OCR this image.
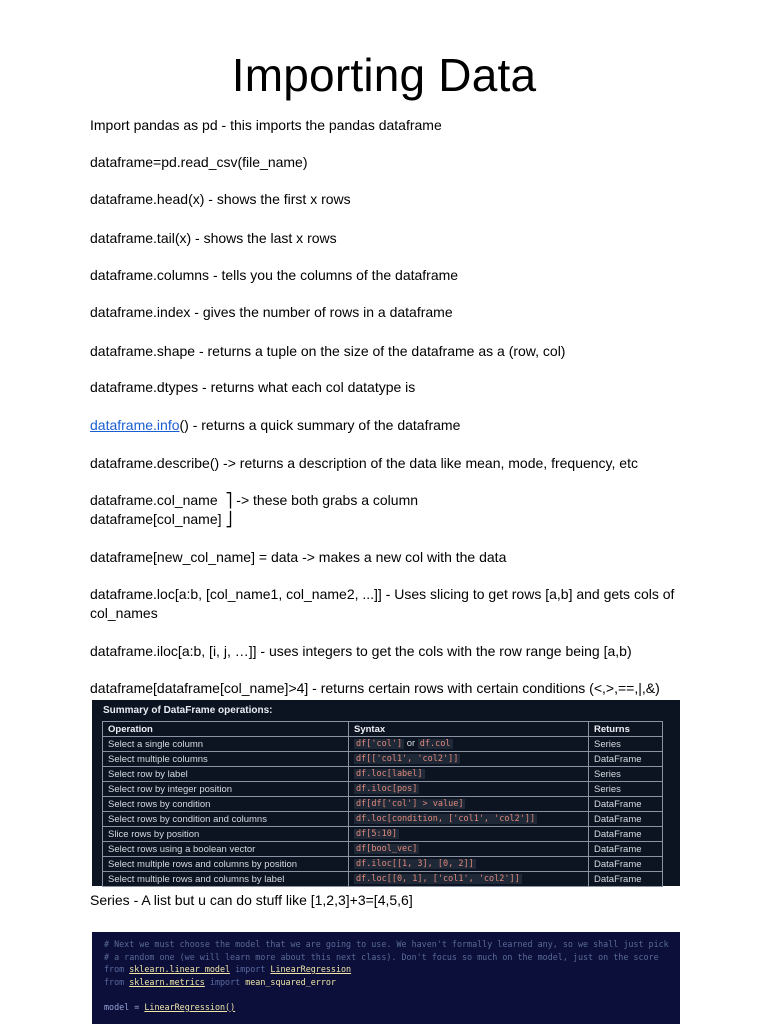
Importing Data
Import pandas as pd - this imports the pandas dataframe
dataframe=pd.read_csv(file_name)
dataframe.head(x) - shows the first x rows
dataframe.tail(x) - shows the last x rows
dataframe.columns - tells you the columns of the dataframe
dataframe.index - gives the number of rows in a dataframe
dataframe.shape - returns a tuple on the size of the dataframe as a (row, col)
dataframe.dtypes - returns what each col datatype is
dataframe.info() - returns a quick summary of the dataframe
dataframe.describe() -> returns a description of the data like mean, mode, frequency, etc
dataframe.col_name  ⎤ -> these both grabs a column
dataframe[col_name] ⎦
dataframe[new_col_name] = data -> makes a new col with the data
dataframe.loc[a:b, [col_name1, col_name2, ...]] - Uses slicing to get rows [a,b] and gets cols of col_names
dataframe.iloc[a:b, [i, j, …]] - uses integers to get the cols with the row range being [a,b)
dataframe[dataframe[col_name]>4] - returns certain rows with certain conditions (<,>,==,|,&)
Summary of DataFrame operations:
Operation	Syntax	Returns
Select a single column	df['col'] or df.col	Series
Select multiple columns	df[['col1', 'col2']]	DataFrame
Select row by label	df.loc[label]	Series
Select row by integer position	df.iloc[pos]	Series
Select rows by condition	df[df['col'] > value]	DataFrame
Select rows by condition and columns	df.loc[condition, ['col1', 'col2']]	DataFrame
Slice rows by position	df[5:10]	DataFrame
Select rows using a boolean vector	df[bool_vec]	DataFrame
Select multiple rows and columns by position	df.iloc[[1, 3], [0, 2]]	DataFrame
Select multiple rows and columns by label	df.loc[[0, 1], ['col1', 'col2']]	DataFrame
Series - A list but u can do stuff like [1,2,3]+3=[4,5,6]
# Next we must choose the model that we are going to use. We haven't formally learned any, so we shall just pick
# a random one (we will learn more about this next class). Don't focus so much on the model, just on the score
from sklearn.linear_model import LinearRegression
from sklearn.metrics import mean_squared_error
model = LinearRegression()
